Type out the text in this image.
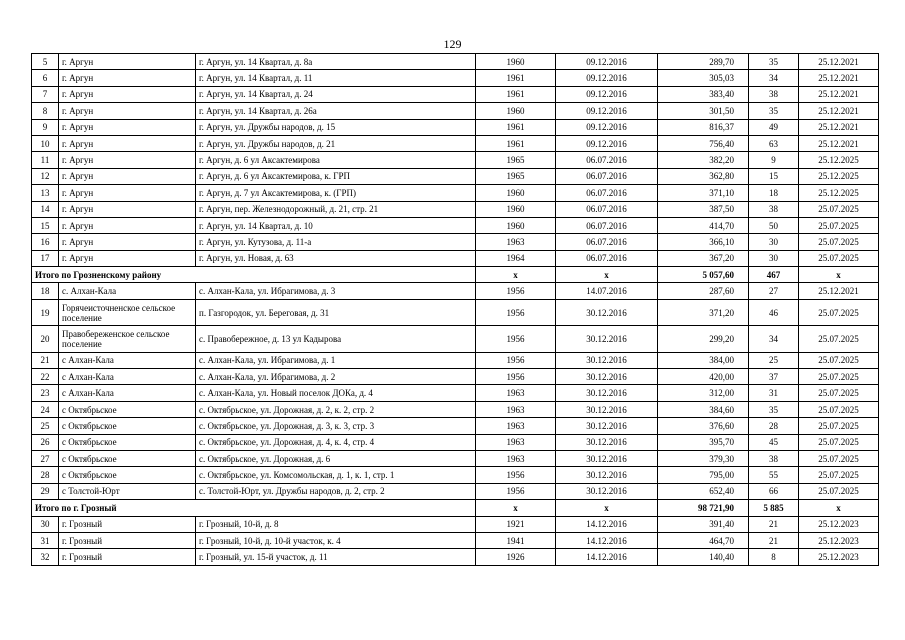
129
5	г. Аргун	г. Аргун, ул. 14 Квартал, д. 8а	1960	09.12.2016	289,70	35	25.12.2021
6	г. Аргун	г. Аргун, ул. 14 Квартал, д. 11	1961	09.12.2016	305,03	34	25.12.2021
7	г. Аргун	г. Аргун, ул. 14 Квартал, д. 24	1961	09.12.2016	383,40	38	25.12.2021
8	г. Аргун	г. Аргун, ул. 14 Квартал, д. 26а	1960	09.12.2016	301,50	35	25.12.2021
9	г. Аргун	г. Аргун, ул. Дружбы народов, д. 15	1961	09.12.2016	816,37	49	25.12.2021
10	г. Аргун	г. Аргун, ул. Дружбы народов, д. 21	1961	09.12.2016	756,40	63	25.12.2021
11	г. Аргун	г. Аргун, д. 6 ул Аксактемирова	1965	06.07.2016	382,20	9	25.12.2025
12	г. Аргун	г. Аргун, д. 6 ул Аксактемирова, к. ГРП	1965	06.07.2016	362,80	15	25.12.2025
13	г. Аргун	г. Аргун, д. 7 ул Аксактемирова, к. (ГРП)	1960	06.07.2016	371,10	18	25.12.2025
14	г. Аргун	г. Аргун, пер. Железнодорожный, д. 21, стр. 21	1960	06.07.2016	387,50	38	25.07.2025
15	г. Аргун	г. Аргун, ул. 14 Квартал, д. 10	1960	06.07.2016	414,70	50	25.07.2025
16	г. Аргун	г. Аргун, ул. Кутузова, д. 11-а	1963	06.07.2016	366,10	30	25.07.2025
17	г. Аргун	г. Аргун, ул. Новая, д. 63	1964	06.07.2016	367,20	30	25.07.2025
Итого по Грозненскому району			х	х	5 057,60	467	х
18	с. Алхан-Кала	с. Алхан-Кала, ул. Ибрагимова, д. 3	1956	14.07.2016	287,60	27	25.12.2021
19	Горячеисточненское сельское поселение	п. Газгородок, ул. Береговая, д. 31	1956	30.12.2016	371,20	46	25.07.2025
20	Правобереженское сельское поселение	с. Правобережное, д. 13 ул Кадырова	1956	30.12.2016	299,20	34	25.07.2025
21	с Алхан-Кала	с. Алхан-Кала, ул. Ибрагимова, д. 1	1956	30.12.2016	384,00	25	25.07.2025
22	с Алхан-Кала	с. Алхан-Кала, ул. Ибрагимова, д. 2	1956	30.12.2016	420,00	37	25.07.2025
23	с Алхан-Кала	с. Алхан-Кала, ул. Новый поселок ДОКа, д. 4	1963	30.12.2016	312,00	31	25.07.2025
24	с Октябрьское	с. Октябрьское, ул. Дорожная, д. 2, к. 2, стр. 2	1963	30.12.2016	384,60	35	25.07.2025
25	с Октябрьское	с. Октябрьское, ул. Дорожная, д. 3, к. 3, стр. 3	1963	30.12.2016	376,60	28	25.07.2025
26	с Октябрьское	с. Октябрьское, ул. Дорожная, д. 4, к. 4, стр. 4	1963	30.12.2016	395,70	45	25.07.2025
27	с Октябрьское	с. Октябрьское, ул. Дорожная, д. 6	1963	30.12.2016	379,30	38	25.07.2025
28	с Октябрьское	с. Октябрьское, ул. Комсомольская, д. 1, к. 1, стр. 1	1956	30.12.2016	795,00	55	25.07.2025
29	с Толстой-Юрт	с. Толстой-Юрт, ул. Дружбы народов, д. 2, стр. 2	1956	30.12.2016	652,40	66	25.07.2025
Итого по г. Грозный			х	х	98 721,90	5 885	х
30	г. Грозный	г. Грозный, 10-й, д. 8	1921	14.12.2016	391,40	21	25.12.2023
31	г. Грозный	г. Грозный, 10-й, д. 10-й участок, к. 4	1941	14.12.2016	464,70	21	25.12.2023
32	г. Грозный	г. Грозный, ул. 15-й участок, д. 11	1926	14.12.2016	140,40	8	25.12.2023
